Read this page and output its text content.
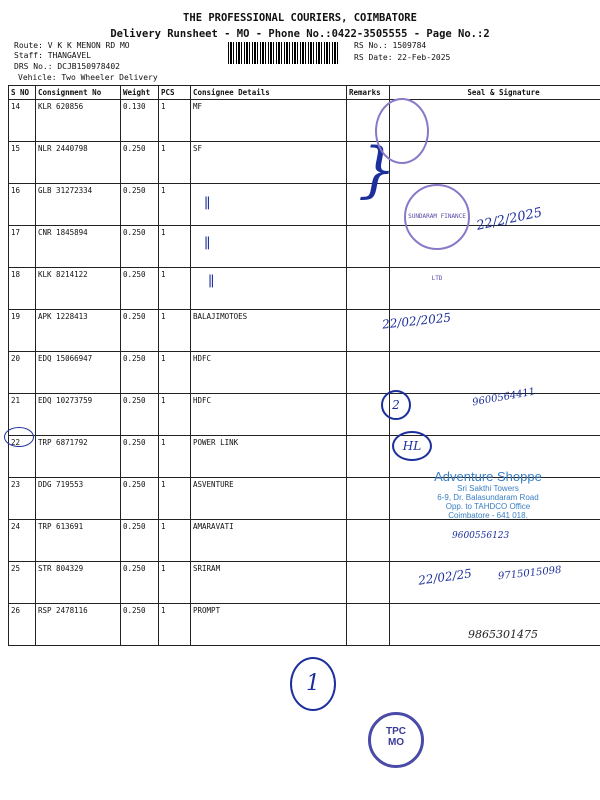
THE PROFESSIONAL COURIERS, COIMBATORE
Delivery Runsheet - MO - Phone No.:0422-3505555 - Page No.:2
Route: V K K MENON RD MO
Staff: THANGAVEL
DRS No.: DCJB150978402
Vehicle: Two Wheeler Delivery
RS No.: 1509784
RS Date: 22-Feb-2025
S NO	Consignment No	Weight	PCS	Consignee Details	Remarks	Seal & Signature
14	KLR 620856	0.130	1	MF		
15	NLR 2440798	0.250	1	SF		
16	GLB 31272334	0.250	1			
17	CNR 1845894	0.250	1			
18	KLK 8214122	0.250	1			
19	APK 1228413	0.250	1	BALAJIMOTOES		
20	EDQ 15066947	0.250	1	HDFC		
21	EDQ 10273759	0.250	1	HDFC		
22	TRP 6871792	0.250	1	POWER LINK		
23	DDG 719553	0.250	1	ASVENTURE		
24	TRP 613691	0.250	1	AMARAVATI		
25	STR 804329	0.250	1	SRIRAM		
26	RSP 2478116	0.250	1	PROMPT		
∥
∥
∥
}
SUNDARAM FINANCE LTD
22/2/2025
22/02/2025
2	9600564411
HL
Adventure Shoppe
Sri Sakthi Towers
6-9, Dr. Balasundaram Road
Opp. to TAHDCO Office
Coimbatore - 641 018.
9600556123
22/02/25 9715015098
9865301475
1
TPC
MO
